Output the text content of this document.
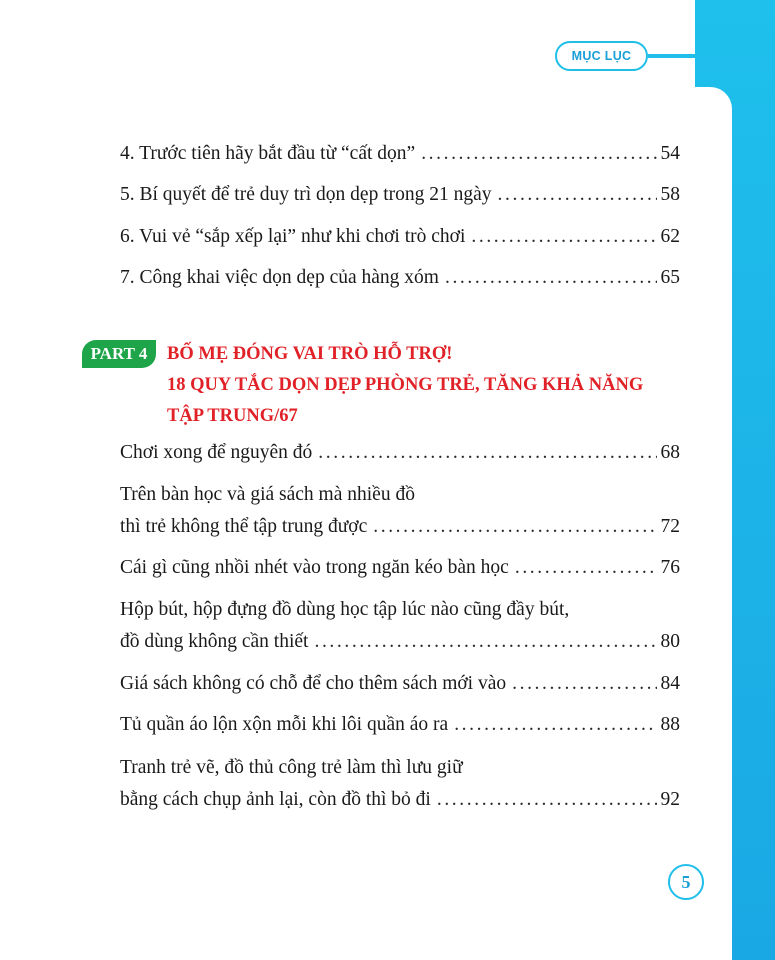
MỤC LỤC
4. Trước tiên hãy bắt đầu từ “cất dọn” .....	54
5. Bí quyết để trẻ duy trì dọn dẹp trong 21 ngày .....	58
6. Vui vẻ “sắp xếp lại” như khi chơi trò chơi .....	62
7. Công khai việc dọn dẹp của hàng xóm .....	65
PART 4	BỐ MẸ ĐÓNG VAI TRÒ HỖ TRỢ!
18 QUY TẮC DỌN DẸP PHÒNG TRẺ, TĂNG KHẢ NĂNG
TẬP TRUNG/67
Chơi xong để nguyên đó .....	68
Trên bàn học và giá sách mà nhiều đồ
thì trẻ không thể tập trung được .....	72
Cái gì cũng nhồi nhét vào trong ngăn kéo bàn học .....	76
Hộp bút, hộp đựng đồ dùng học tập lúc nào cũng đầy bút,
đồ dùng không cần thiết .....	80
Giá sách không có chỗ để cho thêm sách mới vào .....	84
Tủ quần áo lộn xộn mỗi khi lôi quần áo ra .....	88
Tranh trẻ vẽ, đồ thủ công trẻ làm thì lưu giữ
bằng cách chụp ảnh lại, còn đồ thì bỏ đi .....	92
5
